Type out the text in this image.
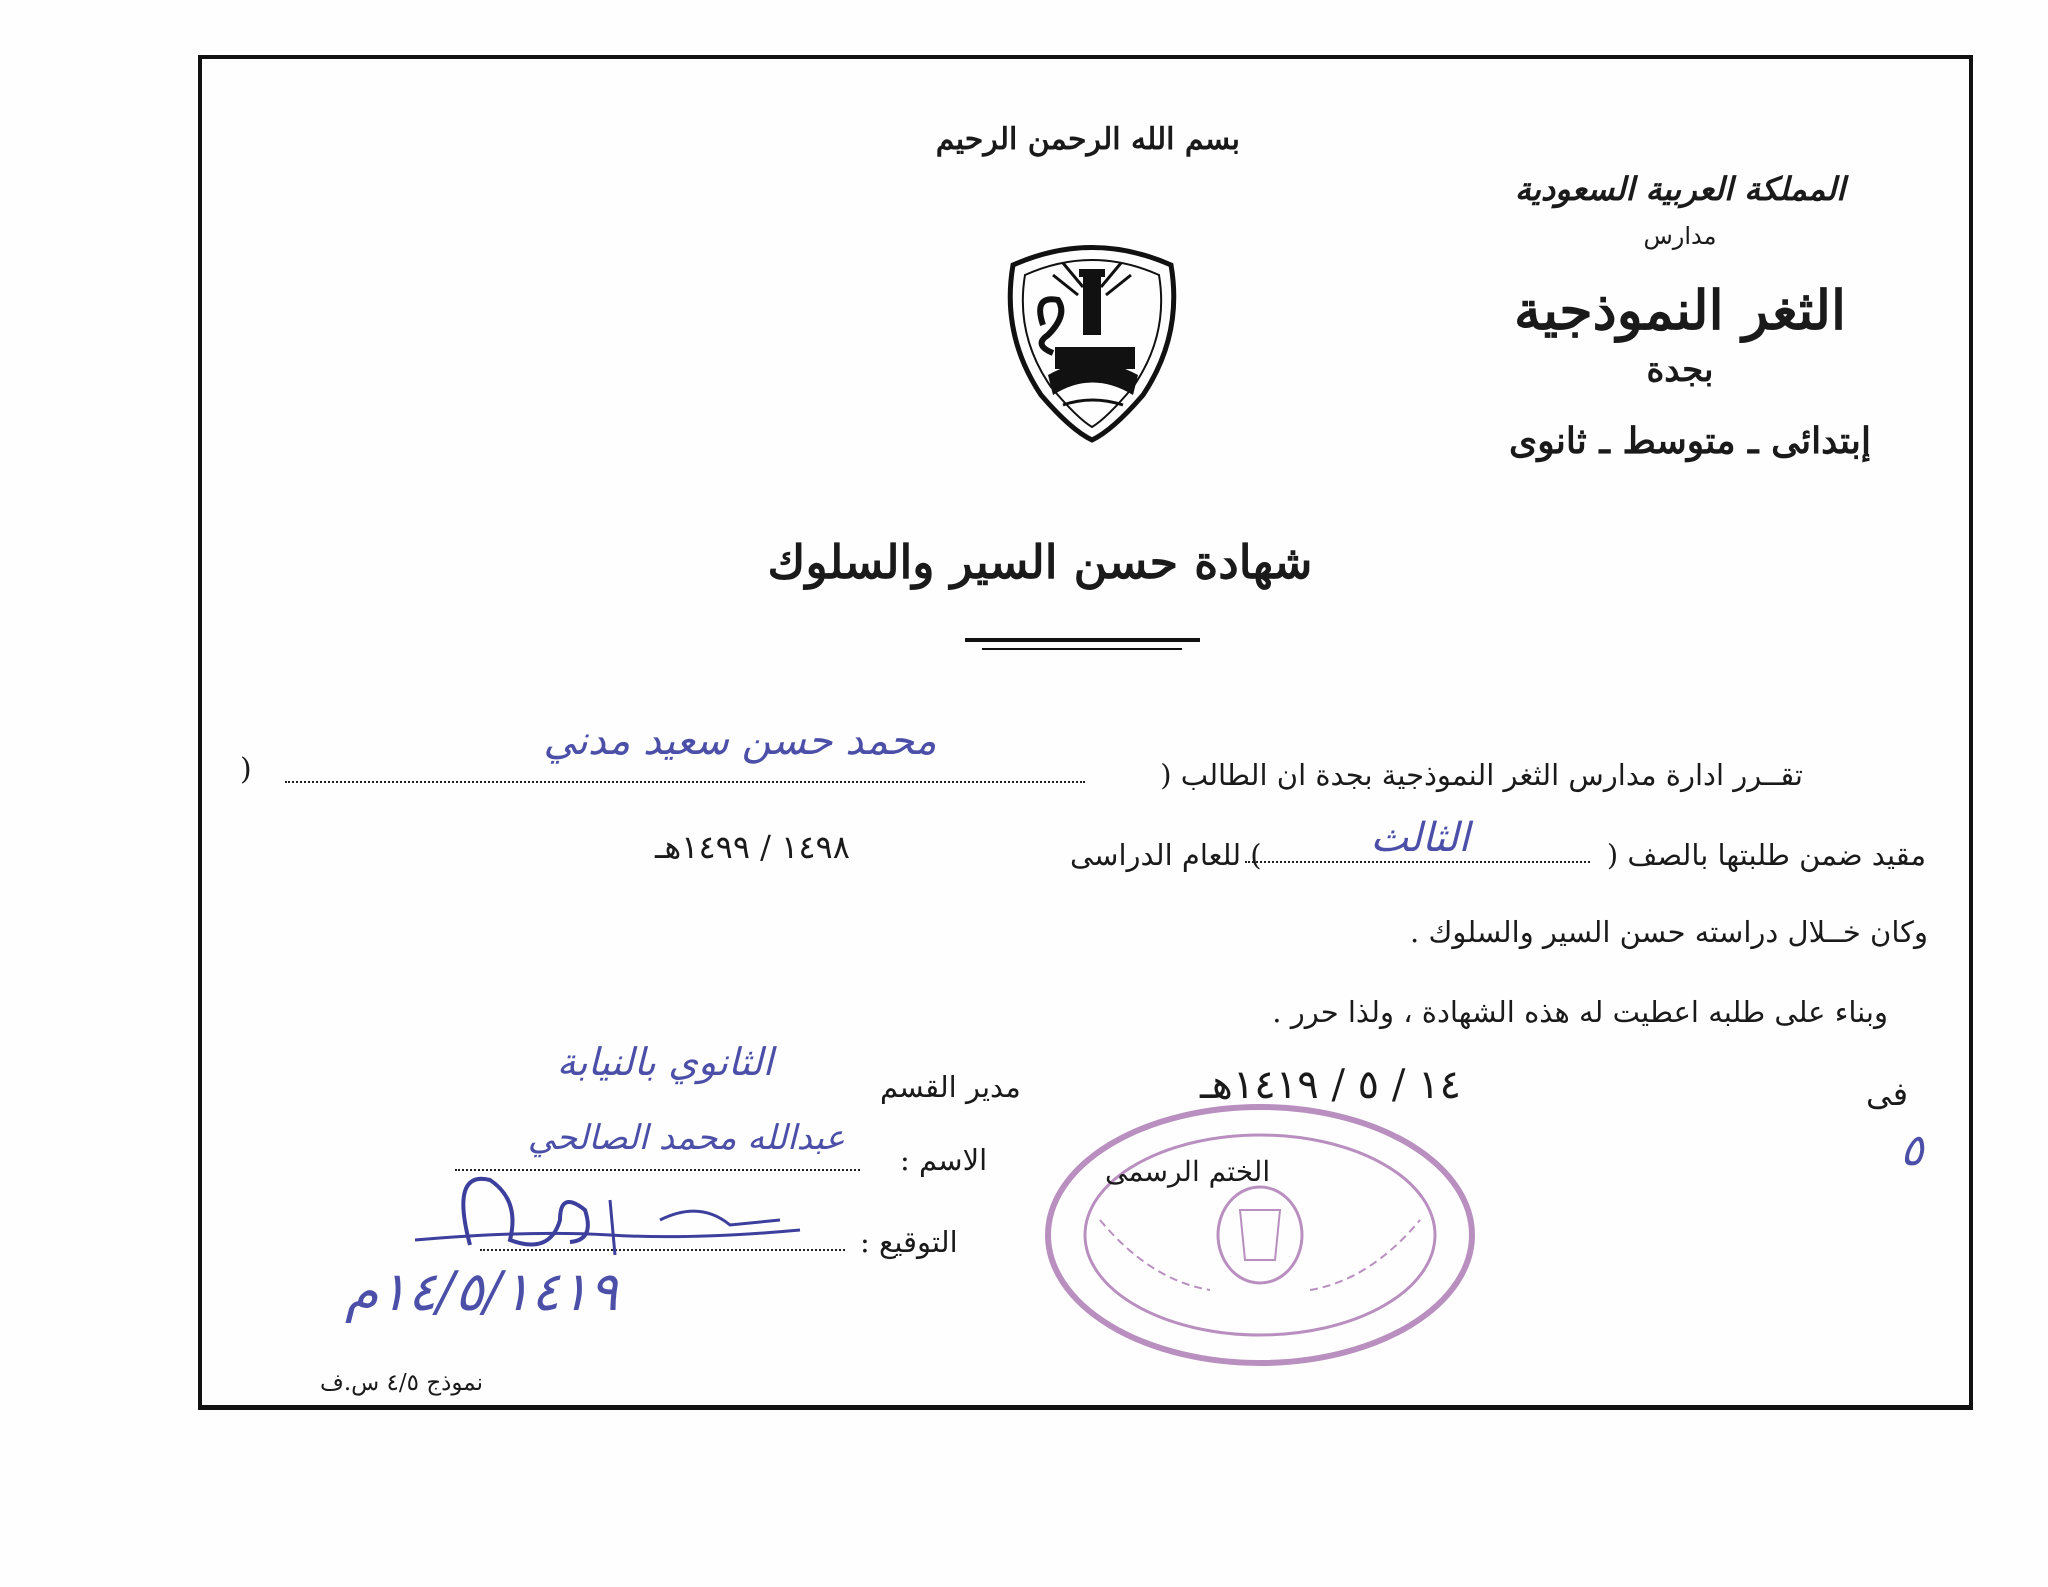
بسم الله الرحمن الرحيم
المملكة العربية السعودية
مدارس
الثغر النموذجية
بجدة
إبتدائى ـ متوسط ـ ثانوى
شهادة حسن السير والسلوك
تقــرر ادارة مدارس الثغر النموذجية بجدة ان الطالب (
)
محمد حسن سعيد مدني
مقيد ضمن طلبتها بالصف (
الثالث
) للعام الدراسى
١٤٩٨ / ١٤٩٩هـ
وكان خــلال دراسته حسن السير والسلوك .
وبناء على طلبه اعطيت له هذه الشهادة ، ولذا حرر .
فى
١٤ / ٥ / ١٤١٩هـ
مدير القسم
الثانوي بالنيابة
الاسم :
عبدالله محمد الصالحي
التوقيع :
١٤/٥/١٤١٩م
الختم الرسمى
نموذج ٤/٥ س.ف
٥
